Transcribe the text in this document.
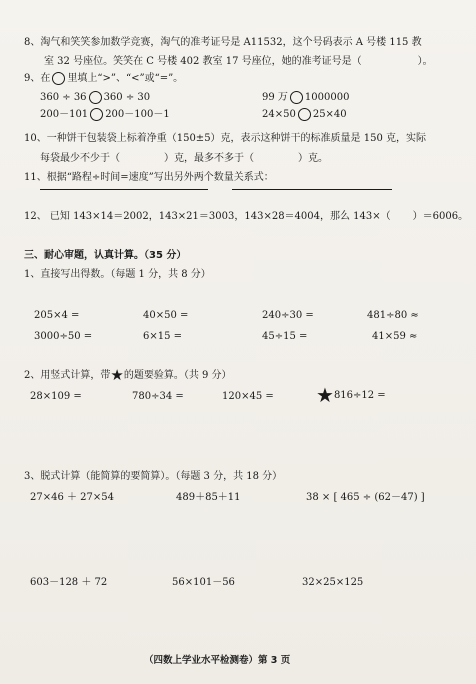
8、淘气和笑笑参加数学竞赛，淘气的准考证号是 A11532，这个号码表示 A 号楼 115 教
室 32 号座位。笑笑在 C 号楼 402 教室 17 号座位，她的准考证号是（	）。
9、在 里填上“>”、“<”或“=”。
360 ÷ 36 360 ÷ 30	99 万 1000000
200－101 200－100－1	24×50 25×40
10、一种饼干包装袋上标着净重（150±5）克，表示这种饼干的标准质量是 150 克，实际
每袋最少不少于（	）克，最多不多于（	）克。
11、根据“路程÷时间=速度”写出另外两个数量关系式：
12、 已知 143×14＝2002，143×21＝3003，143×28＝4004，那么 143×（ ）＝6006。
三、耐心审题，认真计算。（35 分）
1、直接写出得数。（每题 1 分，共 8 分）
205×4 =	40×50 =	240÷30 =	481÷80 ≈
3000÷50 =	6×15 =	45÷15 =	41×59 ≈
2、用竖式计算，带★的题要验算。（共 9 分）
28×109 =	780÷34 =	120×45 = ★816÷12 =
3、脱式计算（能简算的要简算）。（每题 3 分，共 18 分）
27×46 ＋ 27×54	489＋85＋11	38 × [ 465 ÷ (62－47) ]
603－128 ＋ 72	56×101－56	32×25×125
（四数上学业水平检测卷）第 3 页
